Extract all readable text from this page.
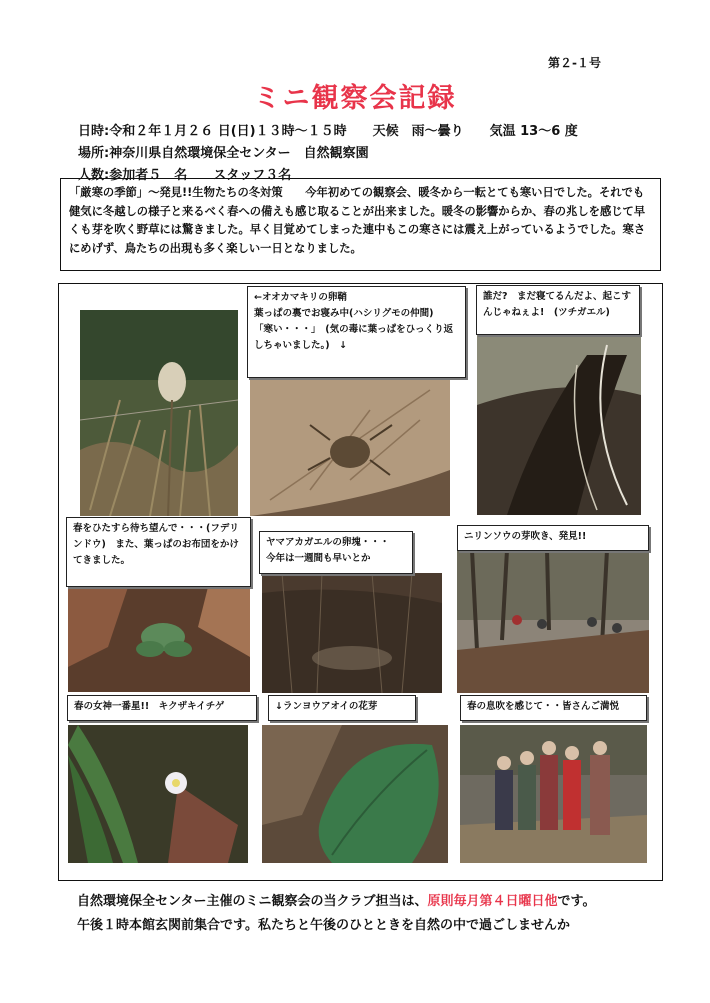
第２-１号
ミニ観察会記録
日時:令和２年１月２６ 日(日)１３時～１５時　　天候　雨～曇り　　気温 13～6 度
場所:神奈川県自然環境保全センター　自然観察園
人数:参加者５　名　　スタッフ３名
「厳寒の季節」～発見!!生物たちの冬対策　　今年初めての観察会、暖冬から一転とても寒い日でした。それでも健気に冬越しの様子と来るべく春への備えも感じ取ることが出来ました。暖冬の影響からか、春の兆しを感じて早くも芽を吹く野草には驚きました。早く目覚めてしまった連中もこの寒さには震え上がっているようでした。寒さにめげず、鳥たちの出現も多く楽しい一日となりました。
←オオカマキリの卵鞘
葉っぱの裏でお寝み中(ハシリグモの仲間)
「寒い・・・」　(気の毒に葉っぱをひっくり返しちゃいました。)　↓
誰だ?　まだ寝てるんだよ、起こすんじゃねぇよ!　(ツチガエル)
春をひたすら待ち望んで・・・(フデリンドウ)　また、葉っぱのお布団をかけてきました。
ヤマアカガエルの卵塊・・・
今年は一週間も早いとか
ニリンソウの芽吹き、発見!!
春の女神一番星!!　キクザキイチゲ	↓ランヨウアオイの花芽	春の息吹を感じて・・皆さんご満悦
自然環境保全センター主催のミニ観察会の当クラブ担当は、原則毎月第４日曜日他です。
午後１時本館玄関前集合です。私たちと午後のひとときを自然の中で過ごしませんか
